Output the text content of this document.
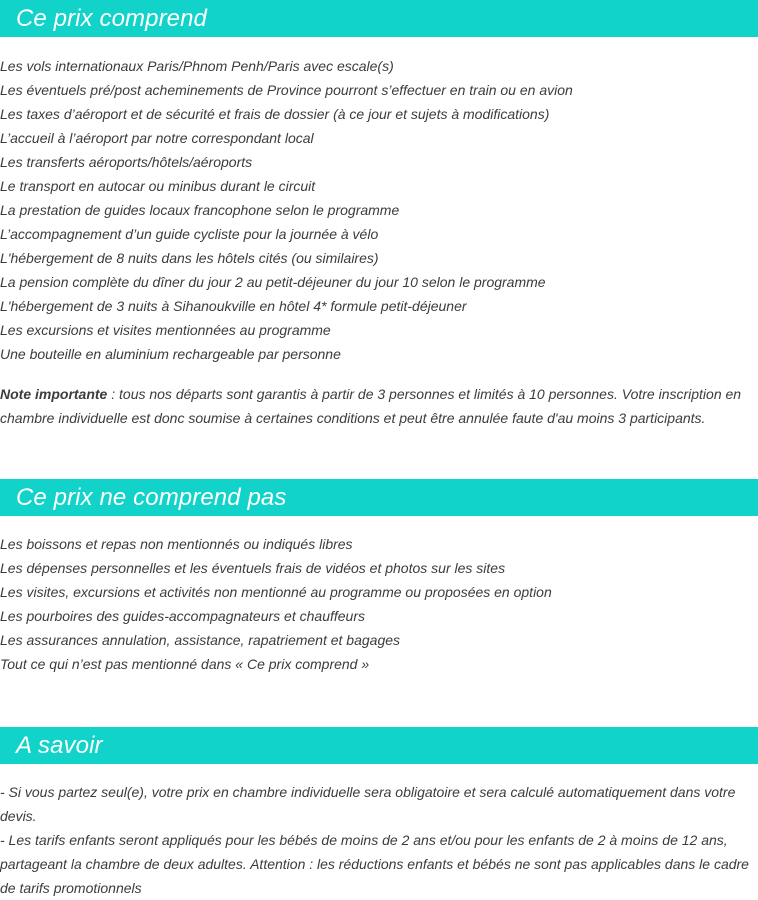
Ce prix comprend
Les vols internationaux Paris/Phnom Penh/Paris avec escale(s)
Les éventuels pré/post acheminements de Province pourront s’effectuer en train ou en avion
Les taxes d’aéroport et de sécurité et frais de dossier (à ce jour et sujets à modifications)
L’accueil à l’aéroport par notre correspondant local
Les transferts aéroports/hôtels/aéroports
Le transport en autocar ou minibus durant le circuit
La prestation de guides locaux francophone selon le programme
L’accompagnement d’un guide cycliste pour la journée à vélo
L'hébergement de 8 nuits dans les hôtels cités (ou similaires)
La pension complète du dîner du jour 2 au petit-déjeuner du jour 10 selon le programme
L'hébergement de 3 nuits à Sihanoukville en hôtel 4* formule petit-déjeuner
Les excursions et visites mentionnées au programme
Une bouteille en aluminium rechargeable par personne

Note importante : tous nos départs sont garantis à partir de 3 personnes et limités à 10 personnes. Votre inscription en chambre individuelle est donc soumise à certaines conditions et peut être annulée faute d'au moins 3 participants.

Ce prix ne comprend pas
Les boissons et repas non mentionnés ou indiqués libres
Les dépenses personnelles et les éventuels frais de vidéos et photos sur les sites
Les visites, excursions et activités non mentionné au programme ou proposées en option
Les pourboires des guides-accompagnateurs et chauffeurs
Les assurances annulation, assistance, rapatriement et bagages
Tout ce qui n’est pas mentionné dans « Ce prix comprend »
A savoir

- Si vous partez seul(e), votre prix en chambre individuelle sera obligatoire et sera calculé automatiquement dans votre devis.

- Les tarifs enfants seront appliqués pour les bébés de moins de 2 ans et/ou pour les enfants de 2 à moins de 12 ans, partageant la chambre de deux adultes. Attention : les réductions enfants et bébés ne sont pas applicables dans le cadre de tarifs promotionnels
